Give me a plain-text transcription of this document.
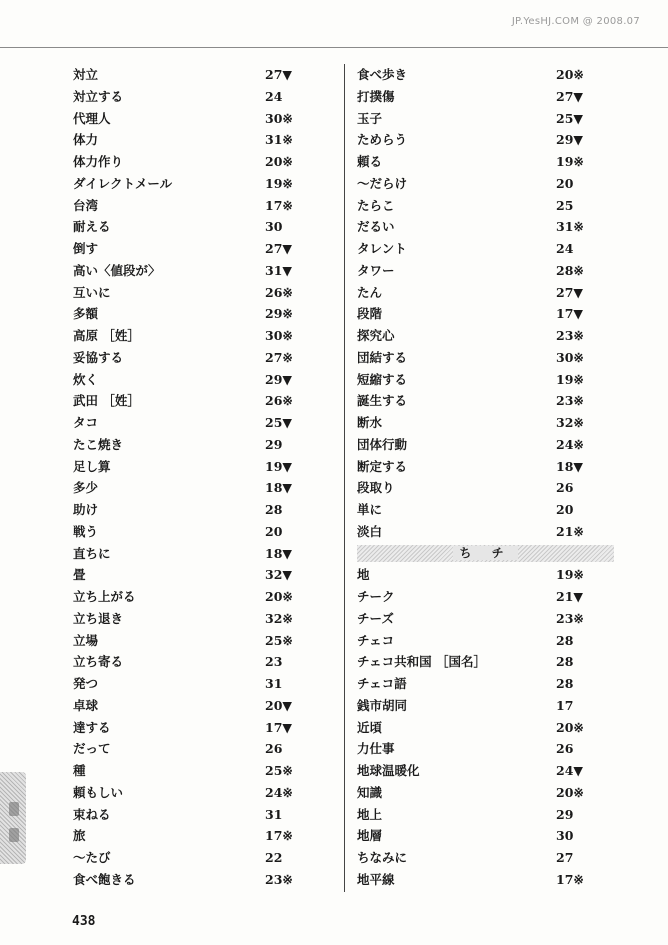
JP.YesHJ.COM @ 2008.07
対立	27▼
対立する	24
代理人	30※
体力	31※
体力作り	20※
ダイレクトメール	19※
台湾	17※
耐える	30
倒す	27▼
高い〈値段が〉	31▼
互いに	26※
多額	29※
高原 ［姓］	30※
妥協する	27※
炊く	29▼
武田 ［姓］	26※
タコ	25▼
たこ焼き	29
足し算	19▼
多少	18▼
助け	28
戦う	20
直ちに	18▼
畳	32▼
立ち上がる	20※
立ち退き	32※
立場	25※
立ち寄る	23
発つ	31
卓球	20▼
達する	17▼
だって	26
種	25※
頼もしい	24※
束ねる	31
旅	17※
～たび	22
食べ飽きる	23※
食べ歩き	20※
打撲傷	27▼
玉子	25▼
ためらう	29▼
頼る	19※
～だらけ	20
たらこ	25
だるい	31※
タレント	24
タワー	28※
たん	27▼
段階	17▼
探究心	23※
団結する	30※
短縮する	19※
誕生する	23※
断水	32※
団体行動	24※
断定する	18▼
段取り	26
単に	20
淡白	21※
ち チ
地	19※
チーク	21▼
チーズ	23※
チェコ	28
チェコ共和国 ［国名］	28
チェコ語	28
銭市胡同	17
近頃	20※
力仕事	26
地球温暖化	24▼
知識	20※
地上	29
地層	30
ちなみに	27
地平線	17※
438
